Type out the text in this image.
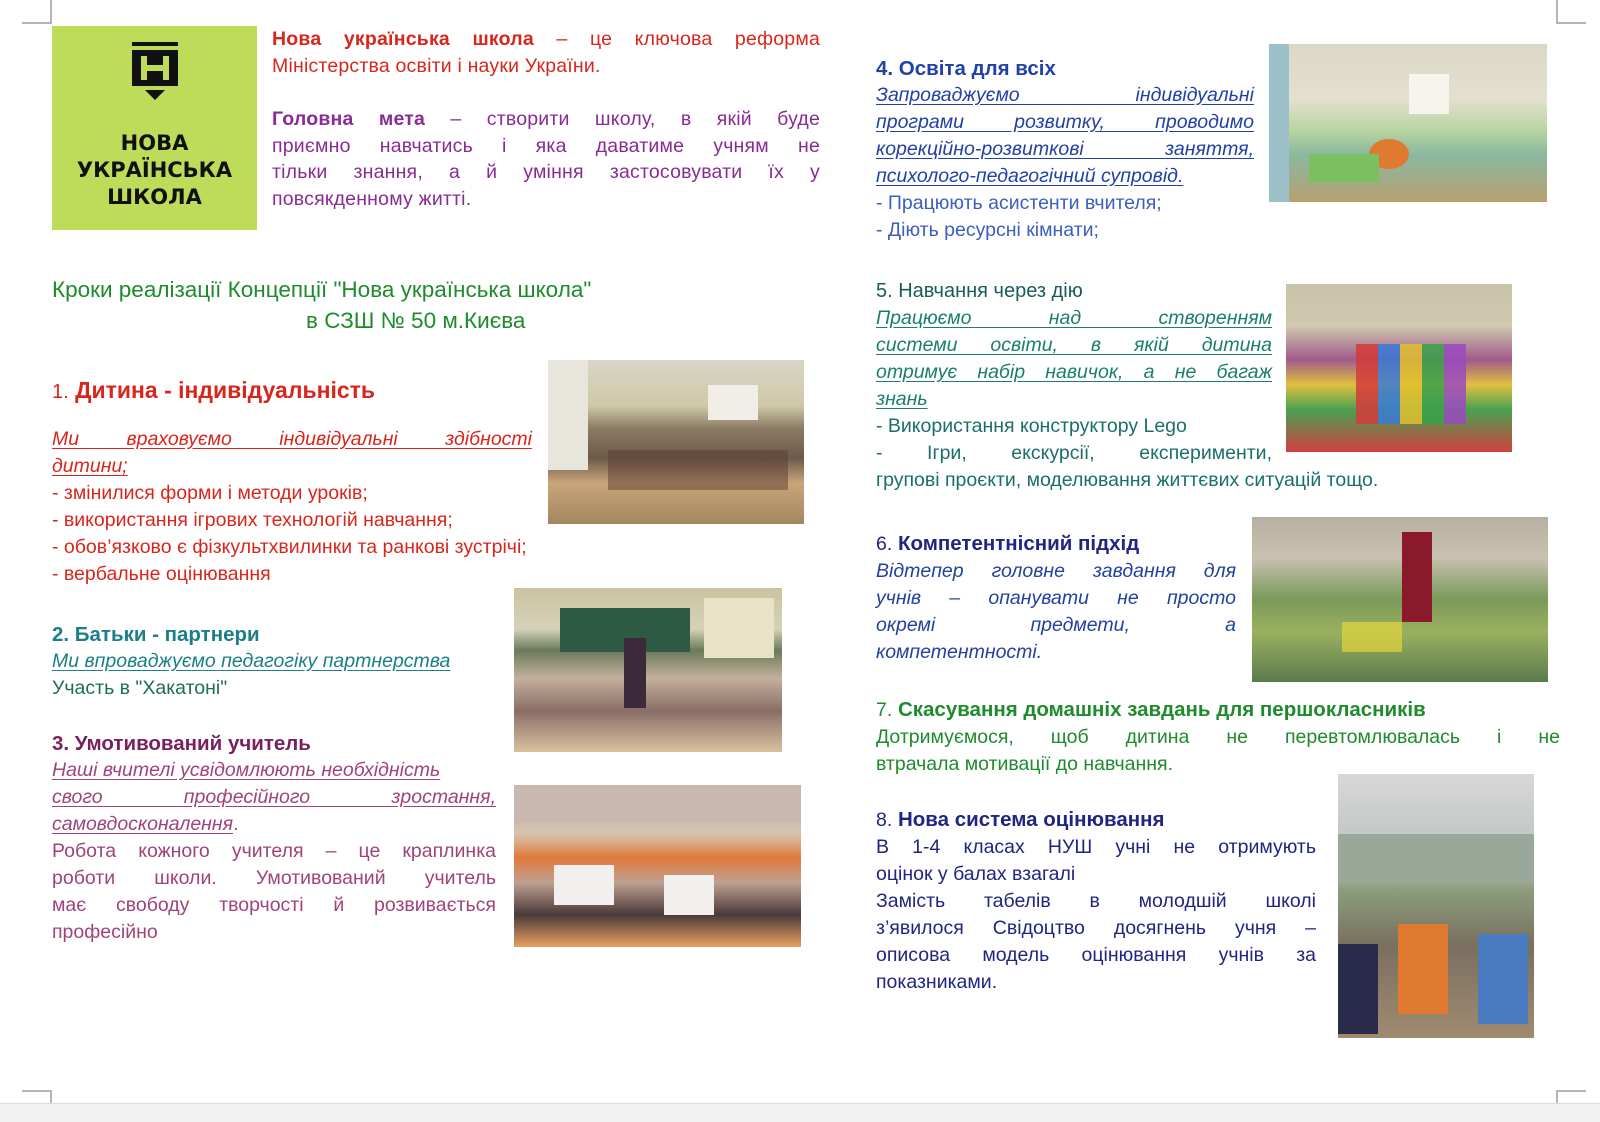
НОВА
УКРАЇНСЬКА
ШКОЛА
Нова українська школа – це ключова реформа
Міністерства освіти і науки України.
Головна мета – створити школу, в якій буде
приємно навчатись і яка даватиме учням не
тільки знання, а й уміння застосовувати їх у
повсякденному житті.
Кроки реалізації Концепції "Нова українська школа"
в СЗШ № 50 м.Києва
1. Дитина - індивідуальність
Ми враховуємо індивідуальні здібності
дитини;
- змінилися форми і методи уроків;
- використання ігрових технологій навчання;
- обов’язково є фізкультхвилинки та ранкові зустрічі;
- вербальне оцінювання
2. Батьки - партнери
Ми впроваджуємо педагогіку партнерства
Участь в "Хакатоні"
3. Умотивований учитель
Наші вчителі усвідомлюють необхідність
свого професійного зростання,
самовдосконалення.
Робота кожного учителя – це краплинка
роботи школи. Умотивований учитель
має свободу творчості й розвивається
професійно
4. Освіта для всіх
Запроваджуємо індивідуальні
програми розвитку, проводимо
корекційно-розвиткові заняття,
психолого-педагогічний супровід.
- Працюють асистенти вчителя;
- Діють ресурсні кімнати;
5. Навчання через дію
Працюємо над створенням
системи освіти, в якій дитина
отримує набір навичок, а не багаж
знань
- Використання конструктору Lego
- Ігри, екскурсії, експерименти,
групові проєкти, моделювання життєвих ситуацій тощо.
6. Компетентнісний підхід
Відтепер головне завдання для
учнів – опанувати не просто
окремі предмети, а
компетентності.
7. Скасування домашніх завдань для першокласників
Дотримуємося, щоб дитина не перевтомлювалась і не
втрачала мотивації до навчання.
8. Нова система оцінювання
В 1-4 класах НУШ учні не отримують
оцінок у балах взагалі
Замість табелів в молодшій школі
з’явилося Свідоцтво досягнень учня –
описова модель оцінювання учнів за
показниками.
